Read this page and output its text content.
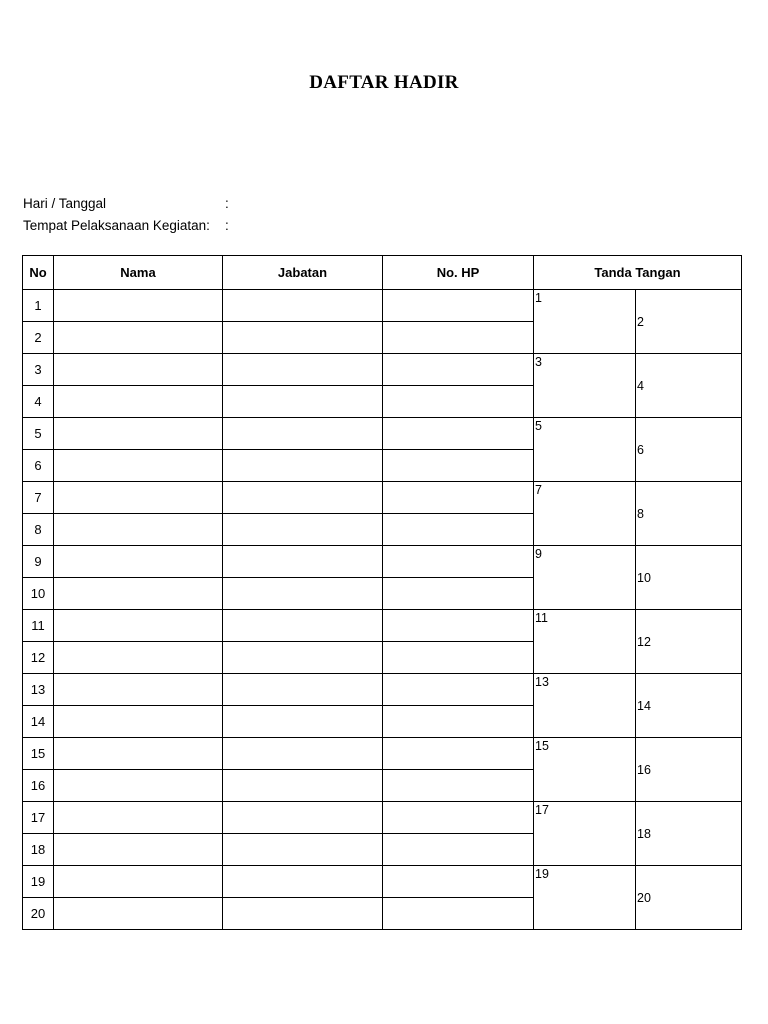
DAFTAR HADIR
Hari / Tanggal	:
Tempat Pelaksanaan Kegiatan: :
No	Nama	Jabatan	No. HP	Tanda Tangan	
1				1	2

2					
3				3	4

4					
5				5	6

6					
7				7	8

8					
9				9	10

10					
11				11	12

12					
13				13	14

14					
15				15	16

16					
17				17	18

18					
19				19	20

20					
